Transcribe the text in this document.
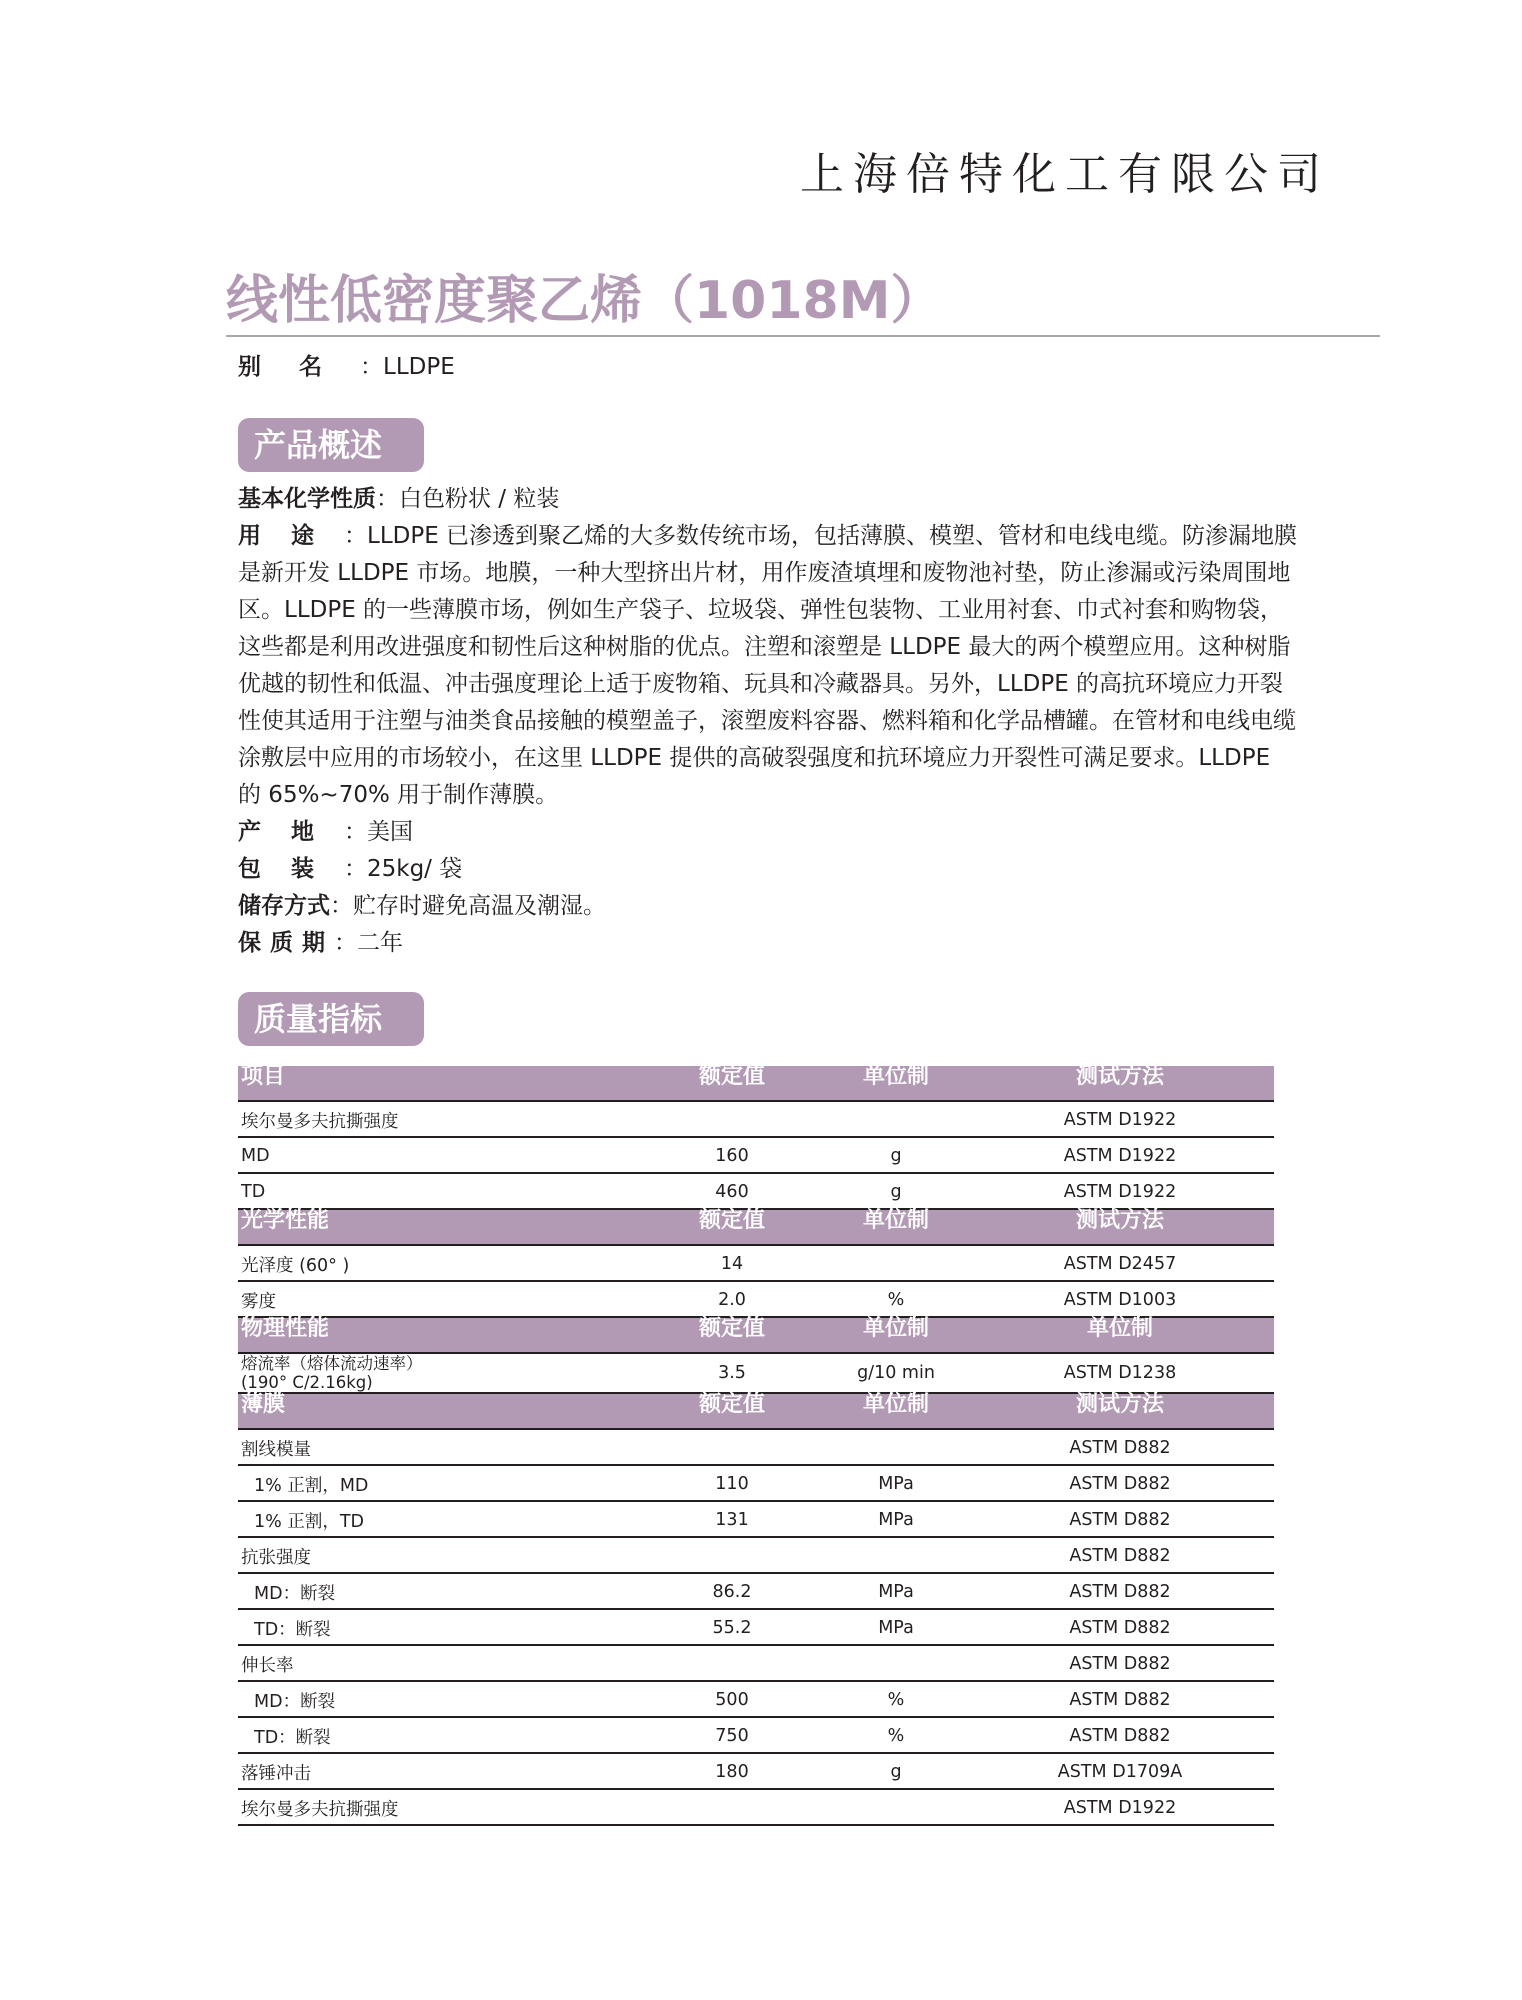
上海倍特化工有限公司
线性低密度聚乙烯（1018M）
别名：LLDPE
产品概述

基本化学性质：白色粉状 / 粒装

用途：LLDPE 已渗透到聚乙烯的大多数传统市场，包括薄膜、模塑、管材和电线电缆。防渗漏地膜是新开发 LLDPE 市场。地膜，一种大型挤出片材，用作废渣填埋和废物池衬垫，防止渗漏或污染周围地区。LLDPE 的一些薄膜市场，例如生产袋子、垃圾袋、弹性包装物、工业用衬套、巾式衬套和购物袋，这些都是利用改进强度和韧性后这种树脂的优点。注塑和滚塑是 LLDPE 最大的两个模塑应用。这种树脂优越的韧性和低温、冲击强度理论上适于废物箱、玩具和冷藏器具。另外，LLDPE 的高抗环境应力开裂性使其适用于注塑与油类食品接触的模塑盖子，滚塑废料容器、燃料箱和化学品槽罐。在管材和电线电缆涂敷层中应用的市场较小，在这里 LLDPE 提供的高破裂强度和抗环境应力开裂性可满足要求。LLDPE 的 65%~70% 用于制作薄膜。

产地：美国

包装：25kg/ 袋

储存方式：贮存时避免高温及潮湿。

保质期：二年

质量指标
项目	额定值	单位制	测试方法
埃尔曼多夫抗撕强度			ASTM D1922
MD	160	g	ASTM D1922
TD	460	g	ASTM D1922
光学性能	额定值	单位制	测试方法
光泽度 (60° )	14		ASTM D2457
雾度	2.0	%	ASTM D1003
物理性能	额定值	单位制	单位制

熔流率（熔体流动速率）
(190° C/2.16kg)	3.5	g/10 min	ASTM D1238
薄膜	额定值	单位制	测试方法
割线模量			ASTM D882
1% 正割，MD	110	MPa	ASTM D882
1% 正割，TD	131	MPa	ASTM D882
抗张强度			ASTM D882
MD：断裂	86.2	MPa	ASTM D882
TD：断裂	55.2	MPa	ASTM D882
伸长率			ASTM D882
MD：断裂	500	%	ASTM D882
TD：断裂	750	%	ASTM D882
落锤冲击	180	g	ASTM D1709A
埃尔曼多夫抗撕强度			ASTM D1922
